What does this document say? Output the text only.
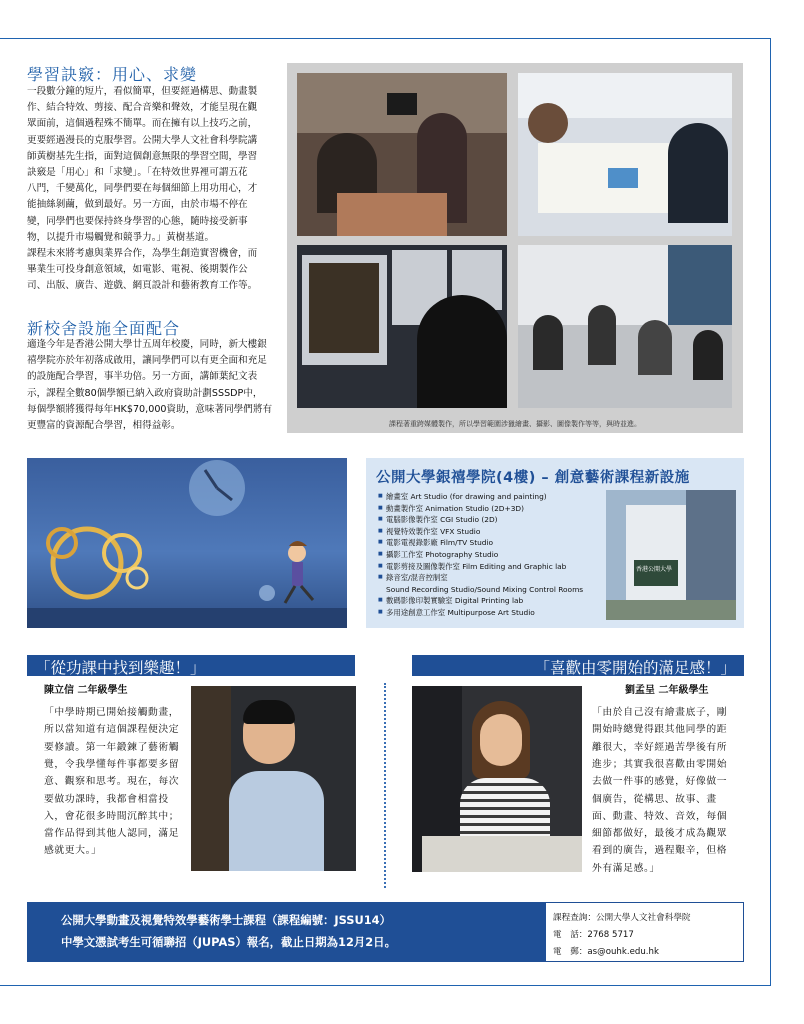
學習訣竅：用心、求變
一段數分鐘的短片，看似簡單，但要經過構思、動畫製
作、結合特效、剪接、配合音樂和聲效，才能呈現在觀
眾面前，這個過程殊不簡單。而在擁有以上技巧之前，
更要經過漫長的克服學習。公開大學人文社會科學院講
師黃樹基先生指，面對這個創意無限的學習空間，學習
訣竅是「用心」和「求變」。「在特效世界裡可謂五花
八門，千變萬化，同學們要在每個細節上用功用心，才
能抽絲剝繭，做到最好。另一方面，由於市場不停在
變，同學們也要保持終身學習的心態，隨時接受新事
物，以提升市場觸覺和競爭力。」黃樹基道。
課程未來將考慮與業界合作，為學生創造實習機會，而
畢業生可投身創意領域，如電影、電視、後期製作公
司、出版、廣告、遊戲、網頁設計和藝術教育工作等。
新校舍設施全面配合
適逢今年是香港公開大學廿五周年校慶，同時，新大樓銀
禧學院亦於年初落成啟用，讓同學們可以有更全面和充足
的設施配合學習，事半功倍。另一方面，講師葉紀文表
示，課程全數80個學額已納入政府資助計劃SSSDP中，
每個學額將獲得每年HK$70,000資助，意味著同學們將有
更豐富的資源配合學習，相得益彰。	課程著重跨媒體製作，所以學習範圍涉獵繪畫、攝影、圖像製作等等，與時並進。
公開大學銀禧學院(4樓) – 創意藝術課程新設施
■ 繪畫室 Art Studio (for drawing and painting)
■ 動畫製作室 Animation Studio (2D+3D)
■ 電腦影像製作室 CGI Studio (2D)
■ 視覺特效製作室 VFX Studio
■ 電影電視錄影廠 Film/TV Studio
■ 攝影工作室 Photography Studio
■ 電影剪接及圖像製作室 Film Editing and Graphic lab
■ 錄音室/混音控制室
Sound Recording Studio/Sound Mixing Control Rooms
■ 數碼影像印製實驗室 Digital Printing lab
■ 多用途創意工作室 Multipurpose Art Studio
香港公開大學
「從功課中找到樂趣！」
陳立信 二年級學生
「中學時期已開始接觸動畫，
所以當知道有這個課程便決定
要修讀。第一年鍛鍊了藝術觸
覺，令我學懂每件事都要多留
意、觀察和思考。現在，每次
要做功課時，我都會相當投
入，會花很多時間沉醉其中；
當作品得到其他人認同，滿足
感就更大。」
「喜歡由零開始的滿足感！」
劉孟呈 二年級學生
「由於自己沒有繪畫底子，剛
開始時總覺得跟其他同學的距
離很大，幸好經過苦學後有所
進步；其實我很喜歡由零開始
去做一件事的感覺，好像做一
個廣告，從構思、故事、畫
面、動畫、特效、音效，每個
細節都做好，最後才成為觀眾
看到的廣告，過程艱辛，但格
外有滿足感。」
公開大學動畫及視覺特效學藝術學士課程（課程編號：JSSU14）
中學文憑試考生可循聯招（JUPAS）報名，截止日期為12月2日。
課程查詢：公開大學人文社會科學院
電　話：2768 5717
電　郵：as@ouhk.edu.hk
